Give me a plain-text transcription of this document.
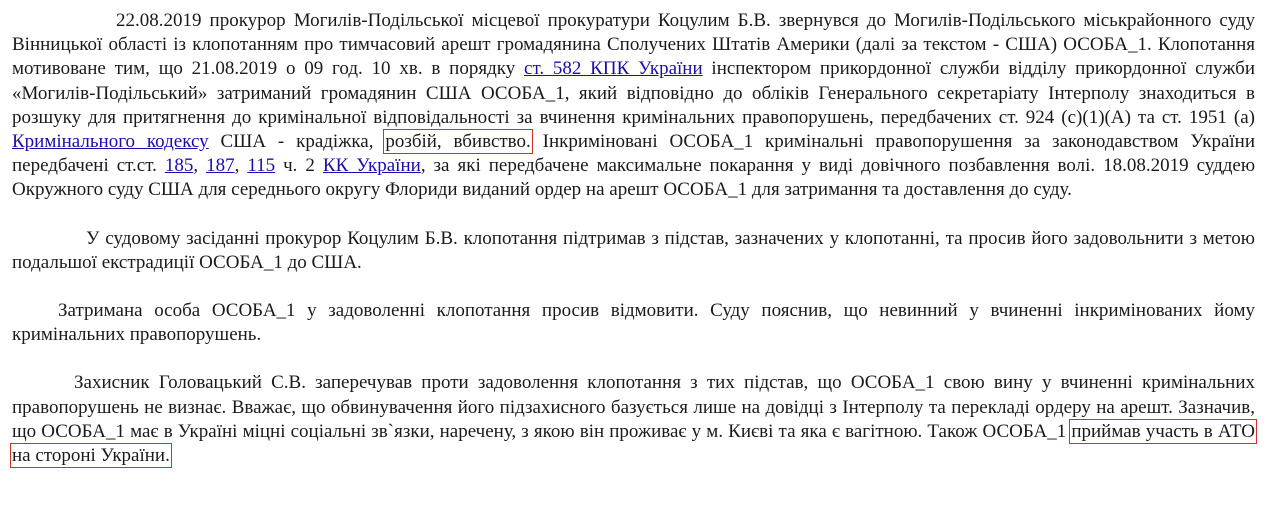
22.08.2019 прокурор Могилів-Подільської місцевої прокуратури Коцулим Б.В. звернувся до Могилів-Подільського міськрайонного суду Вінницької області із клопотанням про тимчасовий арешт громадянина Сполучених Штатів Америки (далі за текстом - США) ОСОБА_1. Клопотання мотивоване тим, що 21.08.2019 о 09 год. 10 хв. в порядку ст. 582 КПК України інспектором прикордонної служби відділу прикордонної служби «Могилів-Подільський» затриманий громадянин США ОСОБА_1, який відповідно до обліків Генерального секретаріату Інтерполу знаходиться в розшуку для притягнення до кримінальної відповідальності за вчинення кримінальних правопорушень, передбачених ст. 924 (c)(1)(A) та ст. 1951 (a) Кримінального кодексу США - крадіжка, розбій, вбивство. Інкриміновані ОСОБА_1 кримінальні правопорушення за законодавством України передбачені ст.ст. 185, 187, 115 ч. 2 КК України, за які передбачене максимальне покарання у виді довічного позбавлення волі. 18.08.2019 суддею Окружного суду США для середнього округу Флориди виданий ордер на арешт ОСОБА_1 для затримання та доставлення до суду.

У судовому засіданні прокурор Коцулим Б.В. клопотання підтримав з підстав, зазначених у клопотанні, та просив його задовольнити з метою подальшої екстрадиції ОСОБА_1 до США.

Затримана особа ОСОБА_1 у задоволенні клопотання просив відмовити. Суду пояснив, що невинний у вчиненні інкримінованих йому кримінальних правопорушень.

Захисник Головацький С.В. заперечував проти задоволення клопотання з тих підстав, що ОСОБА_1 свою вину у вчиненні кримінальних правопорушень не визнає. Вважає, що обвинувачення його підзахисного базується лише на довідці з Інтерполу та перекладі ордеру на арешт. Зазначив, що ОСОБА_1 має в Україні міцні соціальні зв`язки, наречену, з якою він проживає у м. Києві та яка є вагітною. Також ОСОБА_1 приймав участь в АТО на стороні України.
